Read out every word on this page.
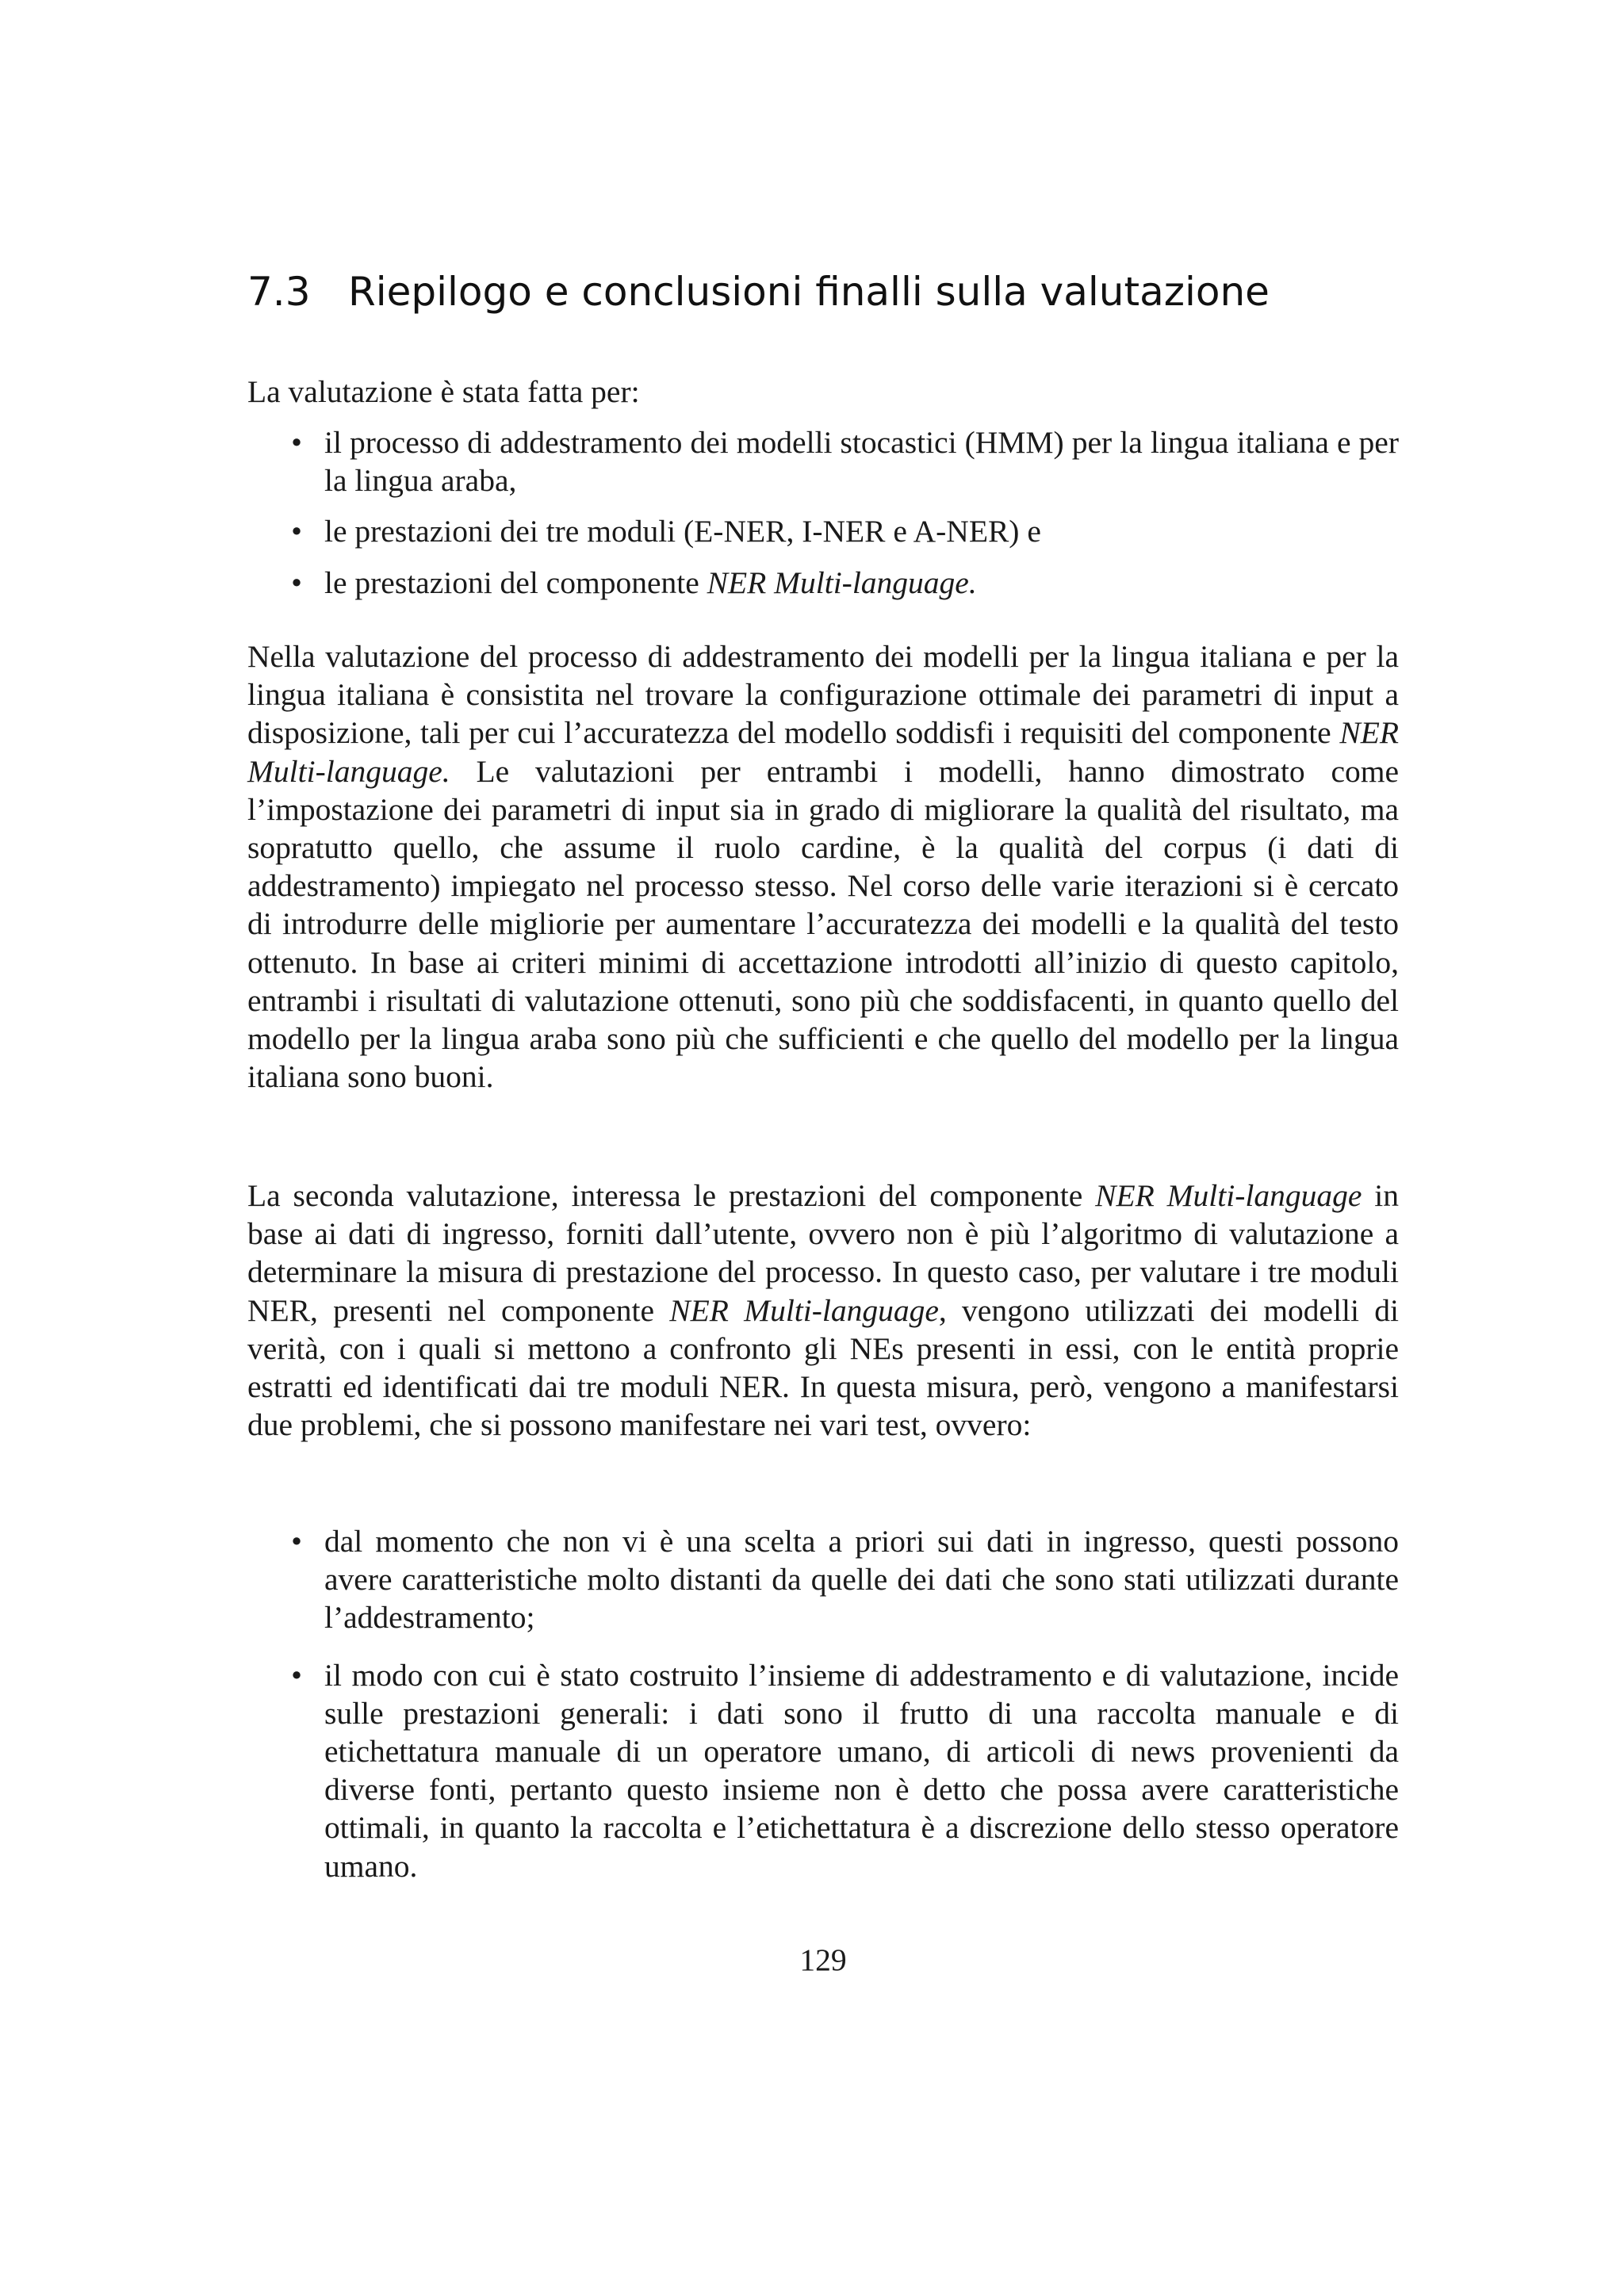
7.3 Riepilogo e conclusioni finalli sulla valutazione

La valutazione è stata fatta per:

• il processo di addestramento dei modelli stocastici (HMM) per la lingua italiana e per la lingua araba,
• le prestazioni dei tre moduli (E-NER, I-NER e A-NER) e
• le prestazioni del componente NER Multi-language.

Nella valutazione del processo di addestramento dei modelli per la lingua italiana e per la lingua italiana è consistita nel trovare la configurazione ottimale dei parametri di input a disposizione, tali per cui l’accuratezza del modello soddisfi i requisiti del componente NER Multi-language. Le valutazioni per entrambi i modelli, hanno dimostrato come l’impostazione dei parametri di input sia in grado di migliorare la qualità del risultato, ma sopratutto quello, che assume il ruolo cardine, è la qualità del corpus (i dati di addestramento) impiegato nel processo stesso. Nel corso delle varie iterazioni si è cercato di introdurre delle migliorie per aumentare l’accuratezza dei modelli e la qualità del testo ottenuto. In base ai criteri minimi di accettazione introdotti all’inizio di questo capitolo, entrambi i risultati di valutazione ottenuti, sono più che soddisfacenti, in quanto quello del modello per la lingua araba sono più che sufficienti e che quello del modello per la lingua italiana sono buoni.

La seconda valutazione, interessa le prestazioni del componente NER Multi-language in base ai dati di ingresso, forniti dall’utente, ovvero non è più l’algoritmo di valutazione a determinare la misura di prestazione del processo. In questo caso, per valutare i tre moduli NER, presenti nel componente NER Multi-language, vengono utilizzati dei modelli di verità, con i quali si mettono a confronto gli NEs presenti in essi, con le entità proprie estratti ed identificati dai tre moduli NER. In questa misura, però, vengono a manifestarsi due problemi, che si possono manifestare nei vari test, ovvero:

• dal momento che non vi è una scelta a priori sui dati in ingresso, questi possono avere caratteristiche molto distanti da quelle dei dati che sono stati utilizzati durante l’addestramento;
• il modo con cui è stato costruito l’insieme di addestramento e di valutazione, incide sulle prestazioni generali: i dati sono il frutto di una raccolta manuale e di etichettatura manuale di un operatore umano, di articoli di news provenienti da diverse fonti, pertanto questo insieme non è detto che possa avere caratteristiche ottimali, in quanto la raccolta e l’etichettatura è a discrezione dello stesso operatore umano.
129
